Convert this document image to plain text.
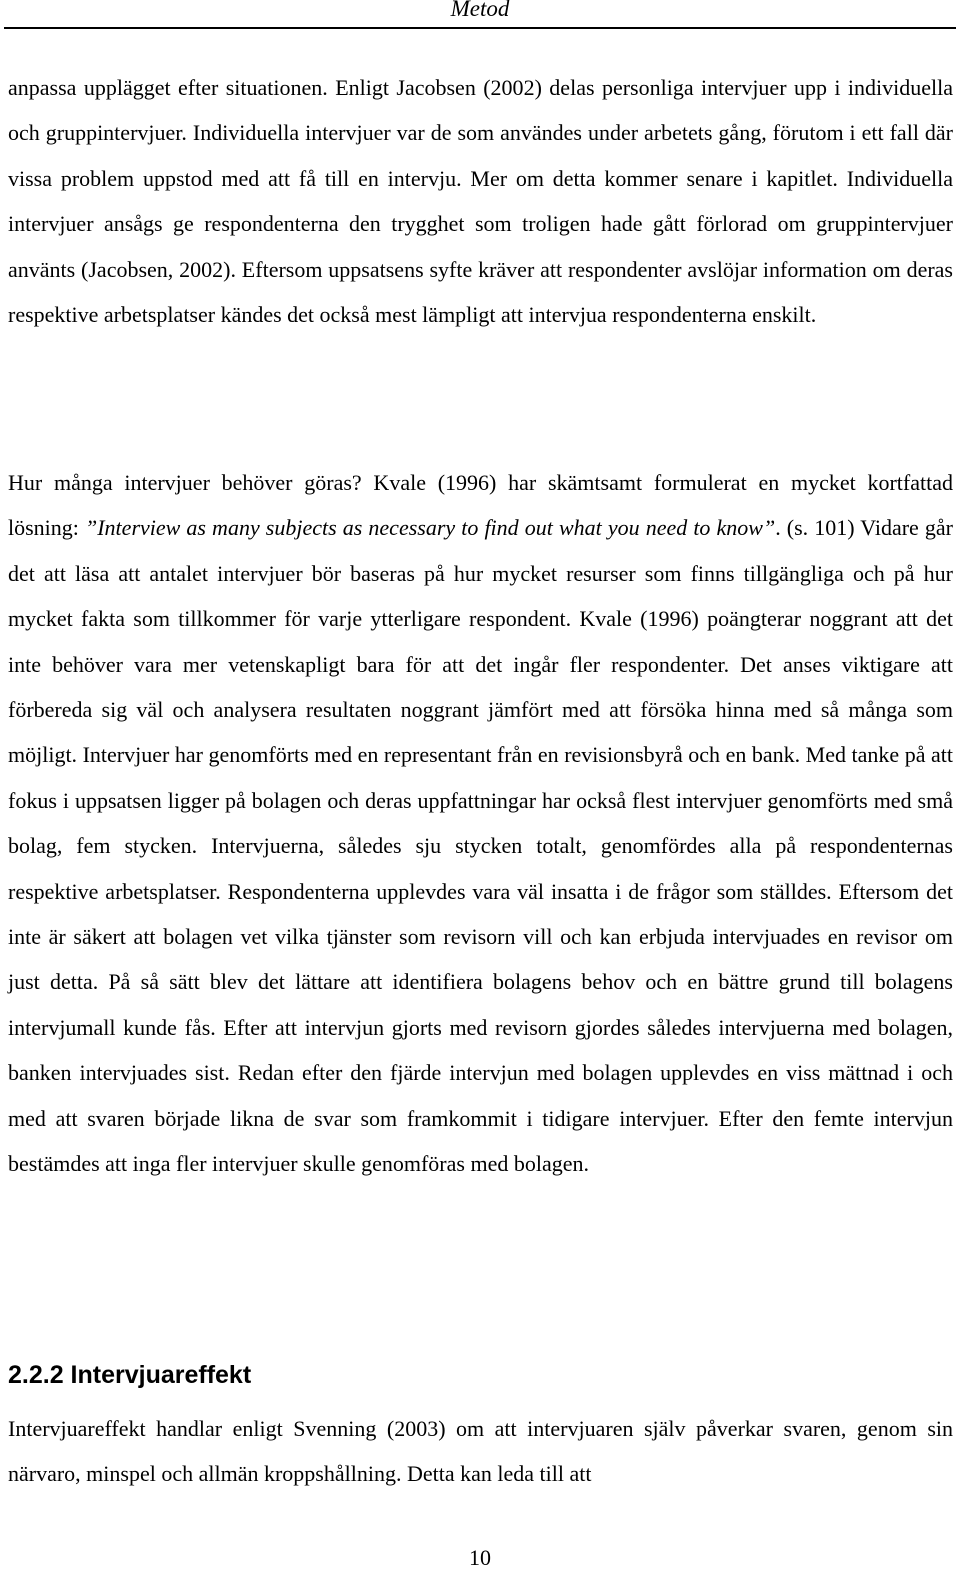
Metod

anpassa upplägget efter situationen. Enligt Jacobsen (2002) delas personliga intervjuer upp i individuella och gruppintervjuer. Individuella intervjuer var de som användes under arbetets gång, förutom i ett fall där vissa problem uppstod med att få till en intervju. Mer om detta kommer senare i kapitlet. Individuella intervjuer ansågs ge respondenterna den trygghet som troligen hade gått förlorad om gruppintervjuer använts (Jacobsen, 2002). Eftersom uppsatsens syfte kräver att respondenter avslöjar information om deras respektive arbetsplatser kändes det också mest lämpligt att intervjua respondenterna enskilt.

Hur många intervjuer behöver göras? Kvale (1996) har skämtsamt formulerat en mycket kortfattad lösning: ”Interview as many subjects as necessary to find out what you need to know”. (s. 101) Vidare går det att läsa att antalet intervjuer bör baseras på hur mycket resurser som finns tillgängliga och på hur mycket fakta som tillkommer för varje ytterligare respondent. Kvale (1996) poängterar noggrant att det inte behöver vara mer vetenskapligt bara för att det ingår fler respondenter. Det anses viktigare att förbereda sig väl och analysera resultaten noggrant jämfört med att försöka hinna med så många som möjligt. Intervjuer har genomförts med en representant från en revisionsbyrå och en bank. Med tanke på att fokus i uppsatsen ligger på bolagen och deras uppfattningar har också flest intervjuer genomförts med små bolag, fem stycken. Intervjuerna, således sju stycken totalt, genomfördes alla på respondenternas respektive arbetsplatser. Respondenterna upplevdes vara väl insatta i de frågor som ställdes. Eftersom det inte är säkert att bolagen vet vilka tjänster som revisorn vill och kan erbjuda intervjuades en revisor om just detta. På så sätt blev det lättare att identifiera bolagens behov och en bättre grund till bolagens intervjumall kunde fås. Efter att intervjun gjorts med revisorn gjordes således intervjuerna med bolagen, banken intervjuades sist. Redan efter den fjärde intervjun med bolagen upplevdes en viss mättnad i och med att svaren började likna de svar som framkommit i tidigare intervjuer. Efter den femte intervjun bestämdes att inga fler intervjuer skulle genomföras med bolagen.

2.2.2 Intervjuareffekt

Intervjuareffekt handlar enligt Svenning (2003) om att intervjuaren själv påverkar svaren, genom sin närvaro, minspel och allmän kroppshållning. Detta kan leda till att

10
